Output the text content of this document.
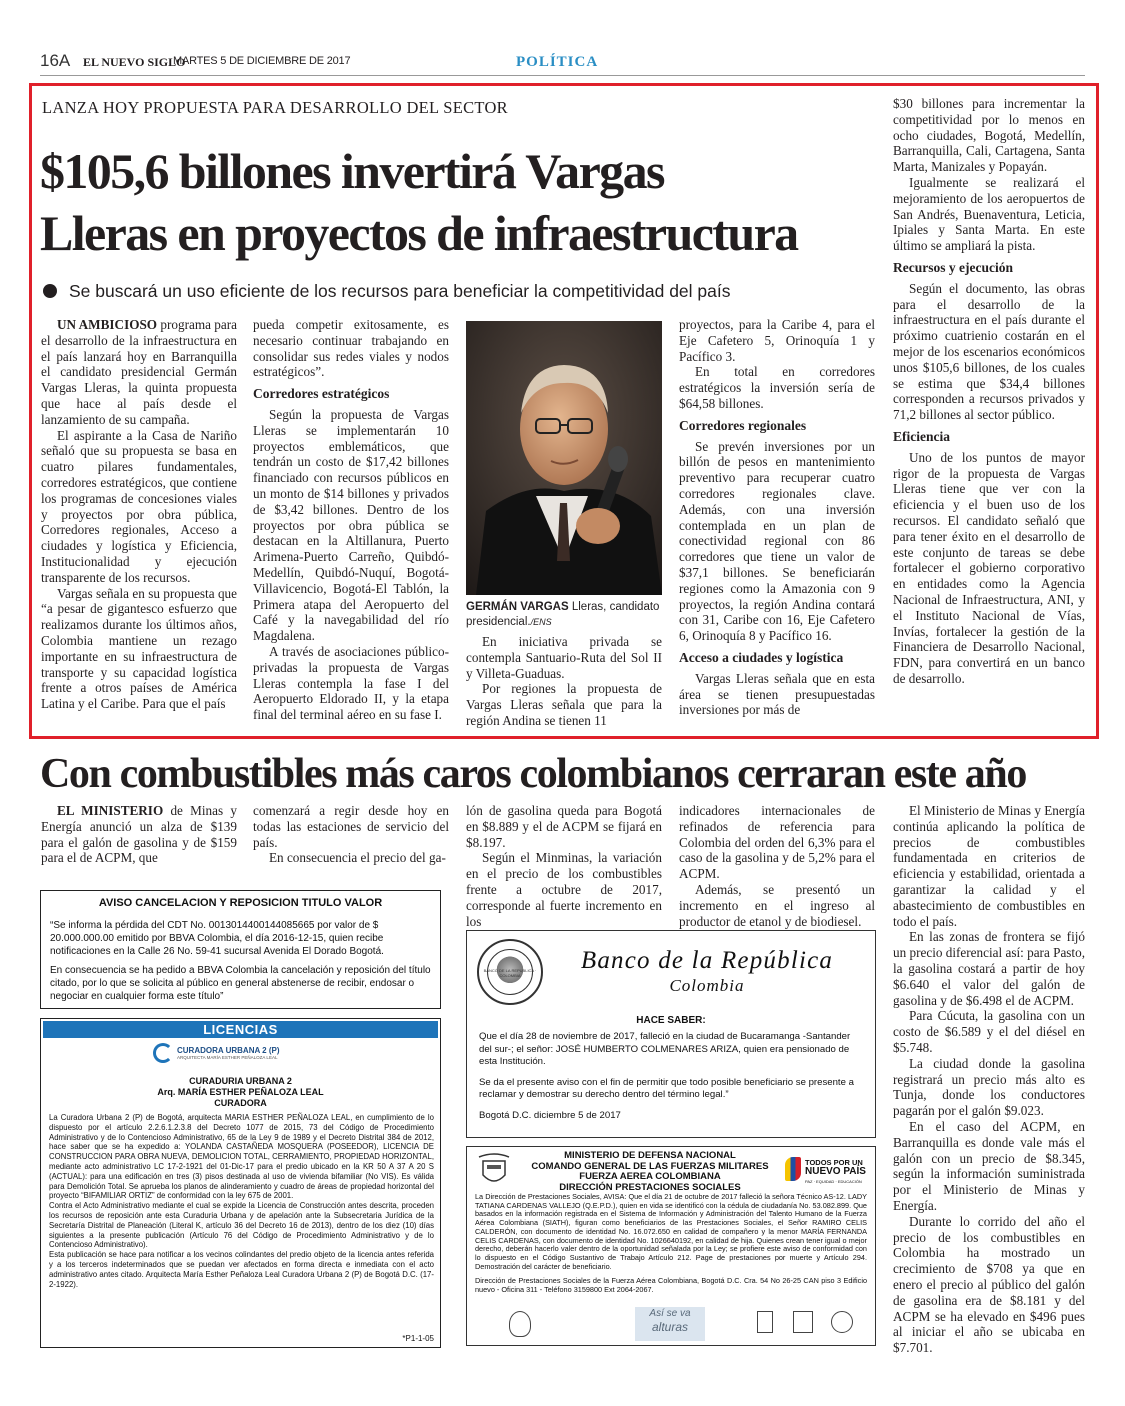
16A EL NUEVO SIGLO
MARTES 5 DE DICIEMBRE DE 2017	POLÍTICA
LANZA HOY PROPUESTA PARA DESARROLLO DEL SECTOR
$105,6 billones invertirá Vargas
Lleras en proyectos de infraestructura
Se buscará un uso eficiente de los recursos para beneficiar la competitividad del país

UN AMBICIOSO programa para el desarrollo de la infraestructura en el país lanzará hoy en Barranquilla el candidato presidencial Germán Vargas Lleras, la quinta propuesta que hace al país desde el lanzamiento de su campaña.

El aspirante a la Casa de Nariño señaló que su propuesta se basa en cuatro pilares fundamentales, corredores estratégicos, que contiene los programas de concesiones viales y proyectos por obra pública, Corredores regionales, Acceso a ciudades y logística y Eficiencia, Institucionalidad y ejecución transparente de los recursos.

Vargas señala en su propuesta que “a pesar de gigantesco esfuerzo que realizamos durante los últimos años, Colombia mantiene un rezago importante en su infraestructura de transporte y su capacidad logística frente a otros países de América Latina y el Caribe. Para que el país

pueda competir exitosamente, es necesario continuar trabajando en consolidar sus redes viales y nodos estratégicos”.

Corredores estratégicos

Según la propuesta de Vargas Lleras se implementarán 10 proyectos emblemáticos, que tendrán un costo de $17,42 billones financiado con recursos públicos en un monto de $14 billones y privados de $3,42 billones. Dentro de los proyectos por obra pública se destacan en la Altillanura, Puerto Arimena-Puerto Carreño, Quibdó-Medellín, Quibdó-Nuquí, Bogotá-Villavicencio, Bogotá-El Tablón, la Primera atapa del Aeropuerto del Café y la navegabilidad del río Magdalena.

A través de asociaciones público-privadas la propuesta de Vargas Lleras contempla la fase I del Aeropuerto Eldorado II, y la etapa final del terminal aéreo en su fase I.

GERMÁN VARGAS Lleras, candidato presidencial./ENS

En iniciativa privada se contempla Santuario-Ruta del Sol II y Villeta-Guaduas.

Por regiones la propuesta de Vargas Lleras señala que para la región Andina se tienen 11

proyectos, para la Caribe 4, para el Eje Cafetero 5, Orinoquía 1 y Pacífico 3.

En total en corredores estratégicos la inversión sería de $64,58 billones.

Corredores regionales

Se prevén inversiones por un billón de pesos en mantenimiento preventivo para recuperar cuatro corredores regionales clave. Además, con una inversión contemplada en un plan de conectividad regional con 86 corredores que tiene un valor de $37,1 billones. Se beneficiarán regiones como la Amazonia con 9 proyectos, la región Andina contará con 31, Caribe con 16, Eje Cafetero 6, Orinoquía 8 y Pacífico 16.

Acceso a ciudades y logística

Vargas Lleras señala que en esta área se tienen presupuestadas inversiones por más de

$30 billones para incrementar la competitividad por lo menos en ocho ciudades, Bogotá, Medellín, Barranquilla, Cali, Cartagena, Santa Marta, Manizales y Popayán.

Igualmente se realizará el mejoramiento de los aeropuertos de San Andrés, Buenaventura, Leticia, Ipiales y Santa Marta. En este último se ampliará la pista.

Recursos y ejecución

Según el documento, las obras para el desarrollo de la infraestructura en el país durante el próximo cuatrienio costarán en el mejor de los escenarios económicos unos $105,6 billones, de los cuales se estima que $34,4 billones corresponden a recursos privados y 71,2 billones al sector público.

Eficiencia

Uno de los puntos de mayor rigor de la propuesta de Vargas Lleras tiene que ver con la eficiencia y el buen uso de los recursos. El candidato señaló que para tener éxito en el desarrollo de este conjunto de tareas se debe fortalecer el gobierno corporativo en entidades como la Agencia Nacional de Infraestructura, ANI, y el Instituto Nacional de Vías, Invías, fortalecer la gestión de la Financiera de Desarrollo Nacional, FDN, para convertirá en un banco de desarrollo.

Con combustibles más caros colombianos cerraran este año

EL MINISTERIO de Minas y Energía anunció un alza de $139 para el galón de gasolina y de $159 para el de ACPM, que

comenzará a regir desde hoy en todas las estaciones de servicio del país.

En consecuencia el precio del ga-

lón de gasolina queda para Bogotá en $8.889 y el de ACPM se fijará en $8.197.

Según el Minminas, la variación en el precio de los combustibles frente a octubre de 2017, corresponde al fuerte incremento en los

indicadores internacionales de refinados de referencia para Colombia del orden del 6,3% para el caso de la gasolina y de 5,2% para el ACPM.

Además, se presentó un incremento en el ingreso al productor de etanol y de biodiesel.

El Ministerio de Minas y Energía continúa aplicando la política de precios de combustibles fundamentada en criterios de eficiencia y estabilidad, orientada a garantizar la calidad y el abastecimiento de combustibles en todo el país.

En las zonas de frontera se fijó un precio diferencial así: para Pasto, la gasolina costará a partir de hoy $6.640 el valor del galón de gasolina y de $6.498 el de ACPM.

Para Cúcuta, la gasolina con un costo de $6.589 y el del diésel en $5.748.

La ciudad donde la gasolina registrará un precio más alto es Tunja, donde los conductores pagarán por el galón $9.023.

En el caso del ACPM, en Barranquilla es donde vale más el galón con un precio de $8.345, según la información suministrada por el Ministerio de Minas y Energía.

Durante lo corrido del año el precio de los combustibles en Colombia ha mostrado un crecimiento de $708 ya que en enero el precio al público del galón de gasolina era de $8.181 y del ACPM se ha elevado en $496 pues al iniciar el año se ubicaba en $7.701.

AVISO CANCELACION Y REPOSICION TITULO VALOR
“Se informa la pérdida del CDT No. 0013014400144085665 por valor de $ 20.000.000.00 emitido por BBVA Colombia, el día 2016-12-15, quien recibe notificaciones en la Calle 26 No. 59-41 sucursal Avenida El Dorado Bogotá.
En consecuencia se ha pedido a BBVA Colombia la cancelación y reposición del título citado, por lo que se solicita al público en general abstenerse de recibir, endosar o negociar en cualquier forma este título”
LICENCIAS
CURADORA URBANA 2 (P)
ARQUITECTA MARÍA ESTHER PEÑALOZA LEAL
CURADURIA URBANA 2
Arq. MARÍA ESTHER PEÑALOZA LEAL
CURADORA
La Curadora Urbana 2 (P) de Bogotá, arquitecta MARIA ESTHER PEÑALOZA LEAL, en cumplimiento de lo dispuesto por el artículo 2.2.6.1.2.3.8 del Decreto 1077 de 2015, 73 del Código de Procedimiento Administrativo y de lo Contencioso Administrativo, 65 de la Ley 9 de 1989 y el Decreto Distrital 384 de 2012, hace saber que se ha expedido a: YOLANDA CASTAÑEDA MOSQUERA (POSEEDOR), LICENCIA DE CONSTRUCCION PARA OBRA NUEVA, DEMOLICION TOTAL, CERRAMIENTO, PROPIEDAD HORIZONTAL, mediante acto administrativo LC 17-2-1921 del 01-Dic-17 para el predio ubicado en la KR 50 A 37 A 20 S (ACTUAL): para una edificación en tres (3) pisos destinada al uso de vivienda bifamiliar (No VIS). Es válida para Demolición Total. Se aprueba los planos de alinderamiento y cuadro de áreas de propiedad horizontal del proyecto “BIFAMILIAR ORTIZ” de conformidad con la ley 675 de 2001.
Contra el Acto Administrativo mediante el cual se expide la Licencia de Construcción antes descrita, proceden los recursos de reposición ante esta Curaduria Urbana y de apelación ante la Subsecretaria Jurídica de la Secretaría Distrital de Planeación (Literal K, artículo 36 del Decreto 16 de 2013), dentro de los diez (10) días siguientes a la presente publicación (Artículo 76 del Código de Procedimiento Administrativo y de lo Contencioso Administrativo).
Esta publicación se hace para notificar a los vecinos colindantes del predio objeto de la licencia antes referida y a los terceros indeterminados que se puedan ver afectados en forma directa e inmediata con el acto administrativo antes citado. Arquitecta María Esther Peñaloza Leal Curadora Urbana 2 (P) de Bogotá D.C. (17-2-1922).
*P1-1-05
BANCO DE LA REPUBLICA · COLOMBIA
Banco de la República
Colombia
HACE SABER:
Que el día 28 de noviembre de 2017, falleció en la ciudad de Bucaramanga -Santander del sur-; el señor: JOSÉ HUMBERTO COLMENARES ARIZA, quien era pensionado de esta Institución.
Se da el presente aviso con el fin de permitir que todo posible beneficiario se presente a reclamar y demostrar su derecho dentro del término legal.”
Bogotá D.C. diciembre 5 de 2017
MINISTERIO DE DEFENSA NACIONAL
COMANDO GENERAL DE LAS FUERZAS MILITARES
FUERZA AEREA COLOMBIANA
DIRECCIÓN PRESTACIONES SOCIALES
TODOS POR UN
NUEVO PAÍS
PAZ · EQUIDAD · EDUCACIÓN
La Dirección de Prestaciones Sociales, AVISA: Que el día 21 de octubre de 2017 falleció la señora Técnico AS-12. LADY TATIANA CARDENAS VALLEJO (Q.E.P.D.), quien en vida se identificó con la cédula de ciudadanía No. 53.082.899. Que basados en la información registrada en el Sistema de Información y Administración del Talento Humano de la Fuerza Aérea Colombiana (SIATH), figuran como beneficiarios de las Prestaciones Sociales, el Señor RAMIRO CELIS CALDERÓN, con documento de identidad No. 16.072.650 en calidad de compañero y la menor MARÍA FERNANDA CELIS CARDENAS, con documento de identidad No. 1026640192, en calidad de hija. Quienes crean tener igual o mejor derecho, deberán hacerlo valer dentro de la oportunidad señalada por la Ley; se profiere este aviso de conformidad con lo dispuesto en el Código Sustantivo de Trabajo Artículo 212. Page de prestaciones por muerte y Artículo 294. Demostración del carácter de beneficiario.
Dirección de Prestaciones Sociales de la Fuerza Aérea Colombiana, Bogotá D.C. Cra. 54 No 26-25 CAN piso 3 Edificio nuevo - Oficina 311 - Teléfono 3159800 Ext 2064-2067.
Así se va
alturas
